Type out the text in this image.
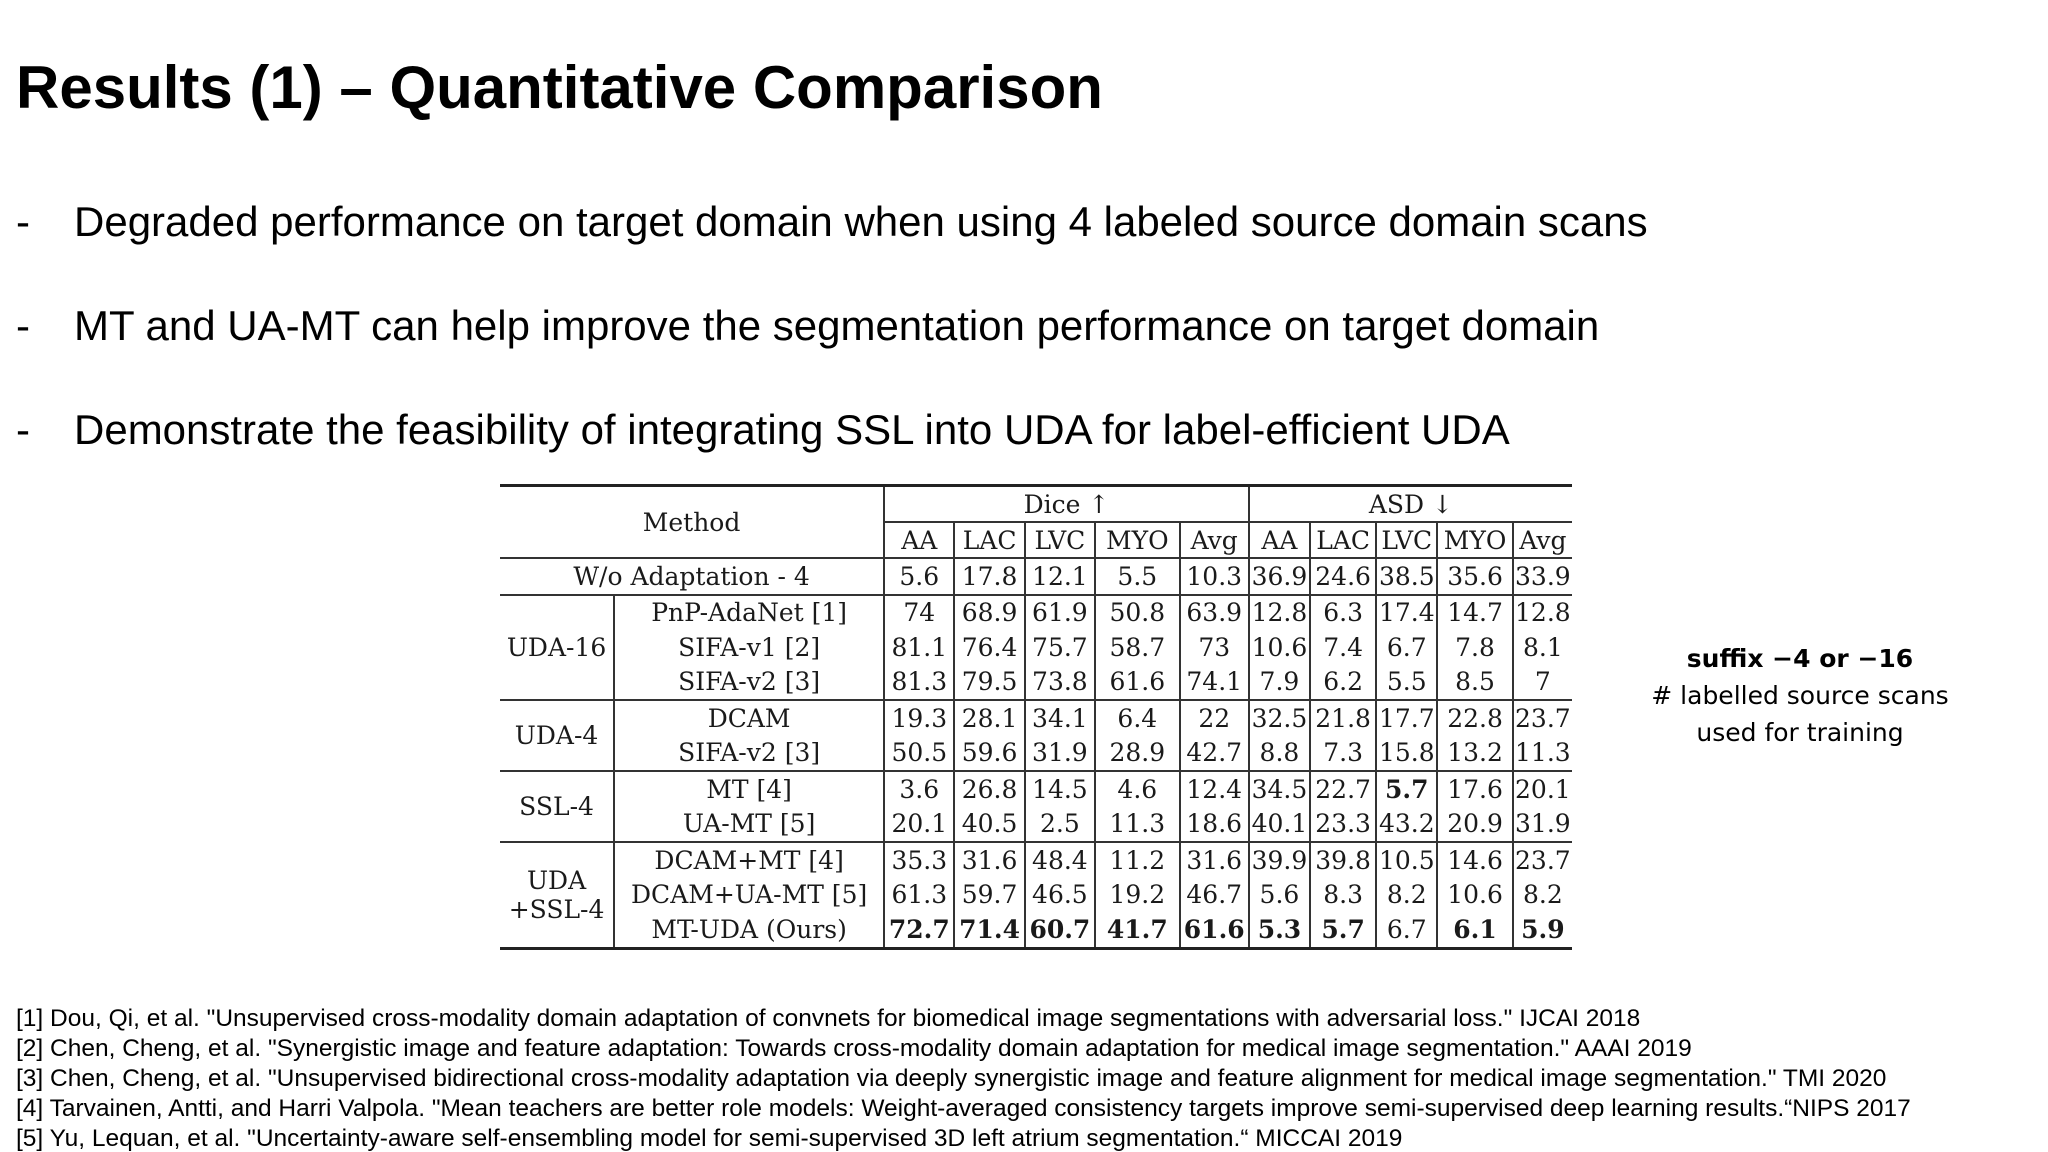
Results (1) – Quantitative Comparison
- Degraded performance on target domain when using 4 labeled source domain scans
- MT and UA-MT can help improve the segmentation performance on target domain
- Demonstrate the feasibility of integrating SSL into UDA for label-efficient UDA
Method		Dice ↑					ASD ↓				
		AA	LAC	LVC	MYO	Avg	AA	LAC	LVC	MYO	Avg
W/o Adaptation - 4		5.6	17.8	12.1	5.5	10.3	36.9	24.6	38.5	35.6	33.9
UDA-16	PnP-AdaNet [1]	74	68.9	61.9	50.8	63.9	12.8	6.3	17.4	14.7	12.8
	SIFA-v1 [2]	81.1	76.4	75.7	58.7	73	10.6	7.4	6.7	7.8	8.1
	SIFA-v2 [3]	81.3	79.5	73.8	61.6	74.1	7.9	6.2	5.5	8.5	7
UDA-4	DCAM	19.3	28.1	34.1	6.4	22	32.5	21.8	17.7	22.8	23.7
	SIFA-v2 [3]	50.5	59.6	31.9	28.9	42.7	8.8	7.3	15.8	13.2	11.3
SSL-4	MT [4]	3.6	26.8	14.5	4.6	12.4	34.5	22.7	5.7	17.6	20.1
	UA-MT [5]	20.1	40.5	2.5	11.3	18.6	40.1	23.3	43.2	20.9	31.9

UDA
+SSL-4	DCAM+MT [4]	35.3	31.6	48.4	11.2	31.6	39.9	39.8	10.5	14.6	23.7
	DCAM+UA-MT [5]	61.3	59.7	46.5	19.2	46.7	5.6	8.3	8.2	10.6	8.2
	MT-UDA (Ours)	72.7	71.4	60.7	41.7	61.6	5.3	5.7	6.7	6.1	5.9
suffix −4 or −16
# labelled source scans
used for training
[1] Dou, Qi, et al. "Unsupervised cross-modality domain adaptation of convnets for biomedical image segmentations with adversarial loss." IJCAI 2018
[2] Chen, Cheng, et al. "Synergistic image and feature adaptation: Towards cross-modality domain adaptation for medical image segmentation." AAAI 2019
[3] Chen, Cheng, et al. "Unsupervised bidirectional cross-modality adaptation via deeply synergistic image and feature alignment for medical image segmentation." TMI 2020
[4] Tarvainen, Antti, and Harri Valpola. "Mean teachers are better role models: Weight-averaged consistency targets improve semi-supervised deep learning results.“NIPS 2017
[5] Yu, Lequan, et al. "Uncertainty-aware self-ensembling model for semi-supervised 3D left atrium segmentation.“ MICCAI 2019
